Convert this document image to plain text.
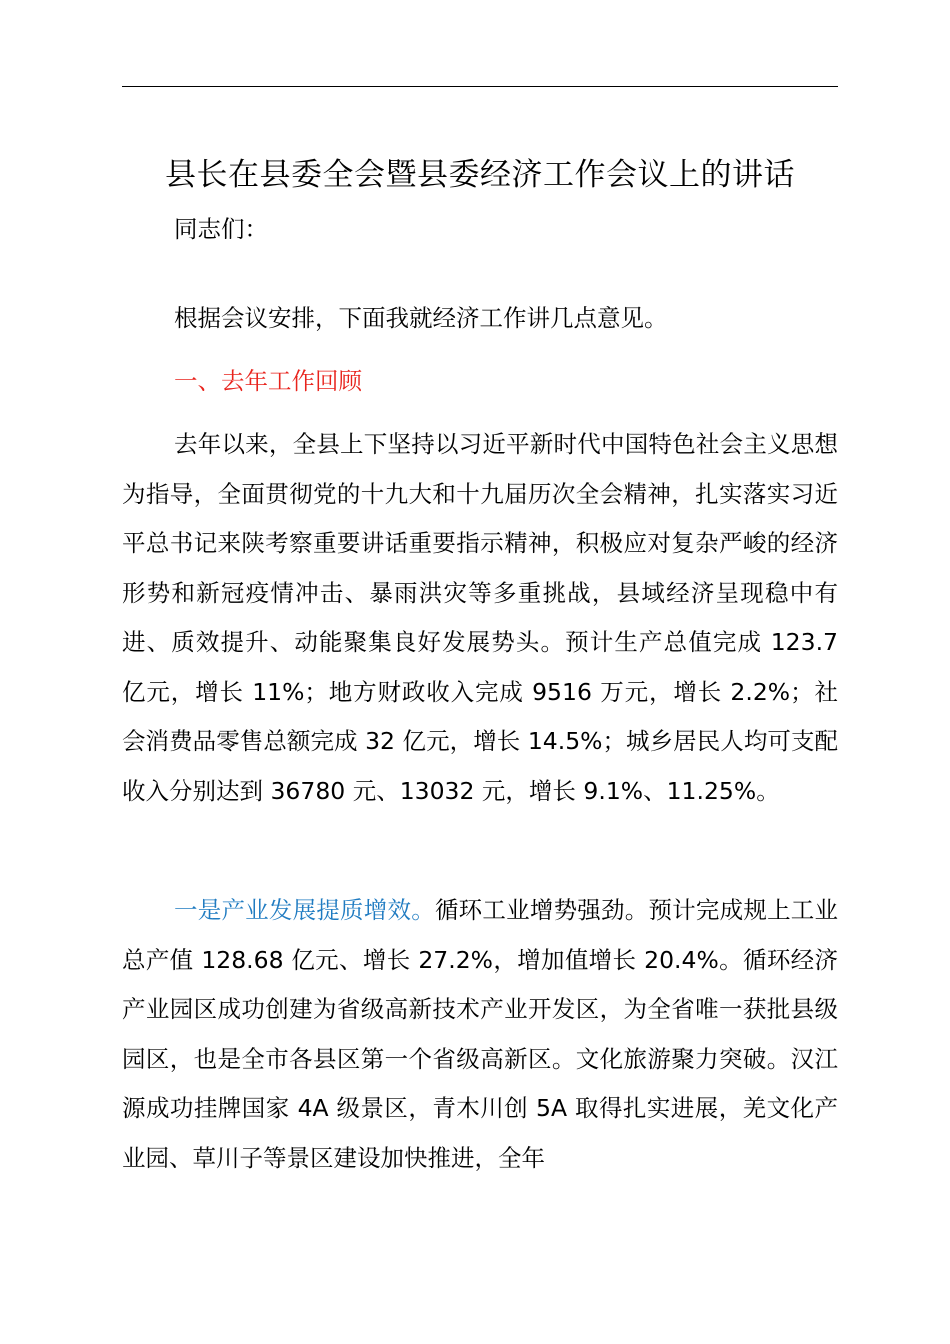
县长在县委全会暨县委经济工作会议上的讲话

同志们：

根据会议安排，下面我就经济工作讲几点意见。

一、去年工作回顾

去年以来，全县上下坚持以习近平新时代中国特色社会主义思想为指导，全面贯彻党的十九大和十九届历次全会精神，扎实落实习近平总书记来陕考察重要讲话重要指示精神，积极应对复杂严峻的经济形势和新冠疫情冲击、暴雨洪灾等多重挑战，县域经济呈现稳中有进、质效提升、动能聚集良好发展势头。预计生产总值完成 123.7 亿元，增长 11%；地方财政收入完成 9516 万元，增长 2.2%；社会消费品零售总额完成 32 亿元，增长 14.5%；城乡居民人均可支配收入分别达到 36780 元、13032 元，增长 9.1%、11.25%。

一是产业发展提质增效。循环工业增势强劲。预计完成规上工业总产值 128.68 亿元、增长 27.2%，增加值增长 20.4%。循环经济产业园区成功创建为省级高新技术产业开发区，为全省唯一获批县级园区，也是全市各县区第一个省级高新区。文化旅游聚力突破。汉江源成功挂牌国家 4A 级景区，青木川创 5A 取得扎实进展，羌文化产业园、草川子等景区建设加快推进，全年
